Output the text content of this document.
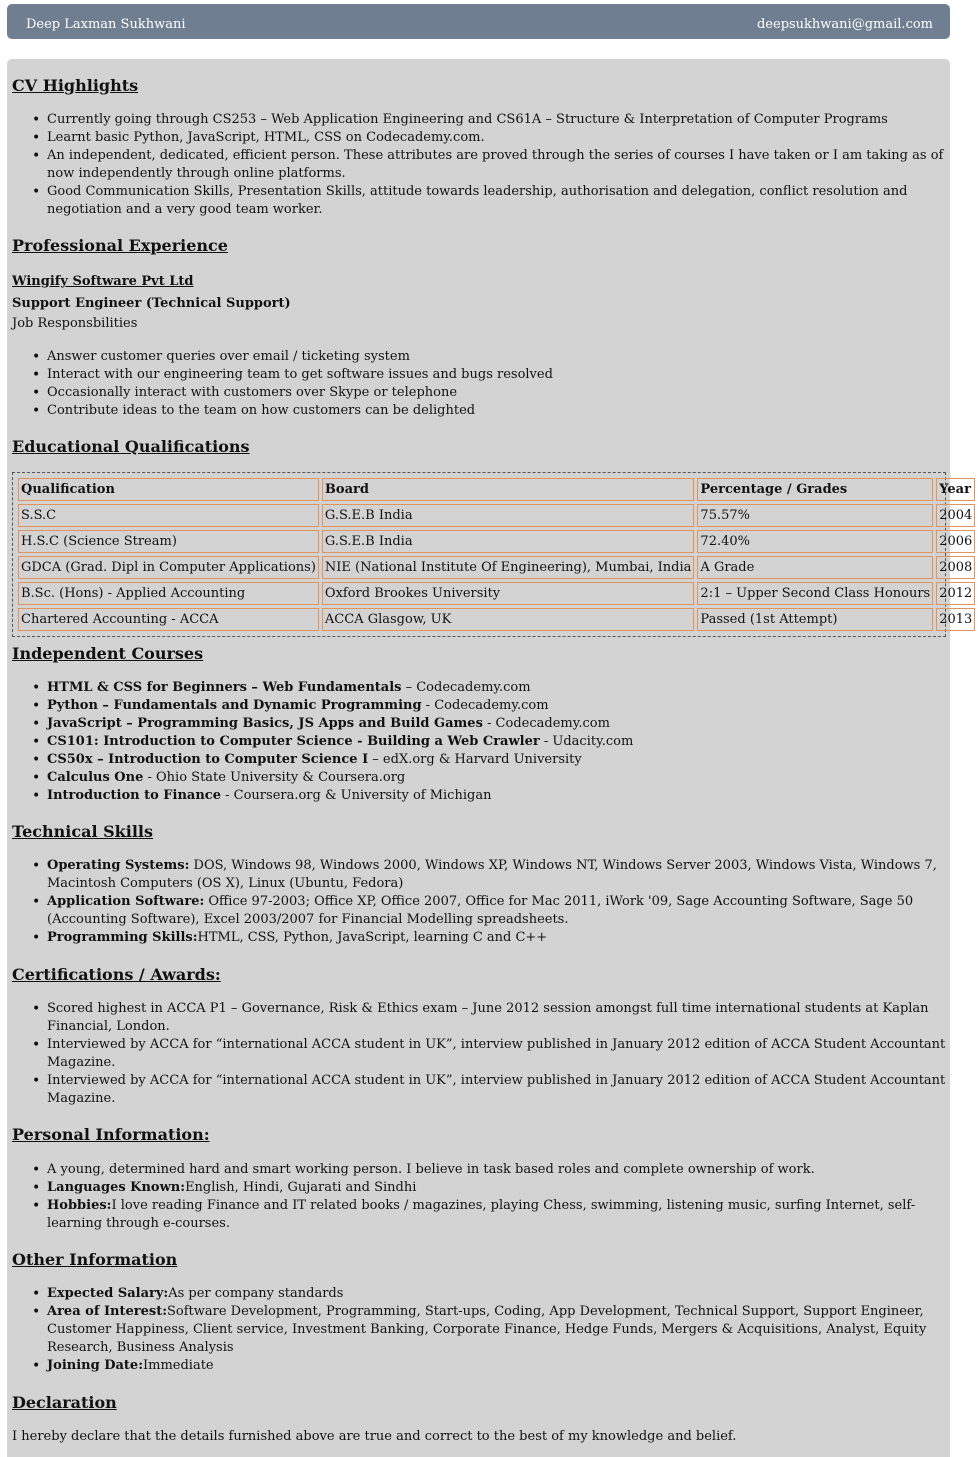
Deep Laxman Sukhwani	deepsukhwani@gmail.com
CV Highlights
• Currently going through CS253 – Web Application Engineering and CS61A – Structure & Interpretation of Computer Programs
• Learnt basic Python, JavaScript, HTML, CSS on Codecademy.com.
• An independent, dedicated, efficient person. These attributes are proved through the series of courses I have taken or I am taking as of now independently through online platforms.
• Good Communication Skills, Presentation Skills, attitude towards leadership, authorisation and delegation, conflict resolution and negotiation and a very good team worker.
Professional Experience
Wingify Software Pvt Ltd
Support Engineer (Technical Support)
Job Responsbilities
• Answer customer queries over email / ticketing system
• Interact with our engineering team to get software issues and bugs resolved
• Occasionally interact with customers over Skype or telephone
• Contribute ideas to the team on how customers can be delighted
Educational Qualifications
Qualification	Board	Percentage / Grades	Year
S.S.C	G.S.E.B India	75.57%	2004
H.S.C (Science Stream)	G.S.E.B India	72.40%	2006
GDCA (Grad. Dipl in Computer Applications)	NIE (National Institute Of Engineering), Mumbai, India	A Grade	2008
B.Sc. (Hons) - Applied Accounting	Oxford Brookes University	2:1 – Upper Second Class Honours	2012
Chartered Accounting - ACCA	ACCA Glasgow, UK	Passed (1st Attempt)	2013
Independent Courses
• HTML & CSS for Beginners – Web Fundamentals – Codecademy.com
• Python – Fundamentals and Dynamic Programming - Codecademy.com
• JavaScript – Programming Basics, JS Apps and Build Games - Codecademy.com
• CS101: Introduction to Computer Science - Building a Web Crawler - Udacity.com
• CS50x – Introduction to Computer Science I – edX.org & Harvard University
• Calculus One - Ohio State University & Coursera.org
• Introduction to Finance - Coursera.org & University of Michigan
Technical Skills
• Operating Systems: DOS, Windows 98, Windows 2000, Windows XP, Windows NT, Windows Server 2003, Windows Vista, Windows 7, Macintosh Computers (OS X), Linux (Ubuntu, Fedora)
• Application Software: Office 97-2003; Office XP, Office 2007, Office for Mac 2011, iWork '09, Sage Accounting Software, Sage 50 (Accounting Software), Excel 2003/2007 for Financial Modelling spreadsheets.
• Programming Skills:HTML, CSS, Python, JavaScript, learning C and C++
Certifications / Awards:
• Scored highest in ACCA P1 – Governance, Risk & Ethics exam – June 2012 session amongst full time international students at Kaplan Financial, London.
• Interviewed by ACCA for “international ACCA student in UK”, interview published in January 2012 edition of ACCA Student Accountant Magazine.
• Interviewed by ACCA for “international ACCA student in UK”, interview published in January 2012 edition of ACCA Student Accountant Magazine.
Personal Information:
• A young, determined hard and smart working person. I believe in task based roles and complete ownership of work.
• Languages Known:English, Hindi, Gujarati and Sindhi
• Hobbies:I love reading Finance and IT related books / magazines, playing Chess, swimming, listening music, surfing Internet, self-learning through e-courses.
Other Information
• Expected Salary:As per company standards
• Area of Interest:Software Development, Programming, Start-ups, Coding, App Development, Technical Support, Support Engineer, Customer Happiness, Client service, Investment Banking, Corporate Finance, Hedge Funds, Mergers & Acquisitions, Analyst, Equity Research, Business Analysis
• Joining Date:Immediate
Declaration
I hereby declare that the details furnished above are true and correct to the best of my knowledge and belief.
